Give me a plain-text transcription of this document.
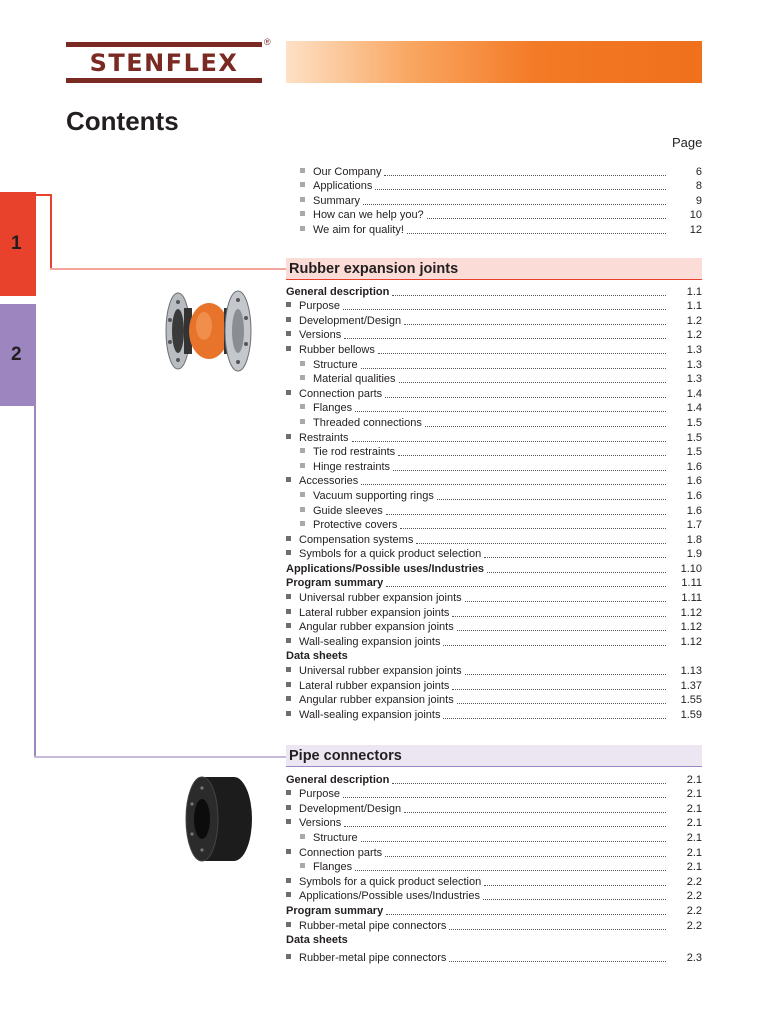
STENFLEX
®
Contents
Page
1
2
Our Company	6
Applications	8
Summary	9
How can we help you?	10
We aim for quality!	12
Rubber expansion joints
General description	1.1
Purpose	1.1
Development/Design	1.2
Versions	1.2
Rubber bellows	1.3
Structure	1.3
Material qualities	1.3
Connection parts	1.4
Flanges	1.4
Threaded connections	1.5
Restraints	1.5
Tie rod restraints	1.5
Hinge restraints	1.6
Accessories	1.6
Vacuum supporting rings	1.6
Guide sleeves	1.6
Protective covers	1.7
Compensation systems	1.8
Symbols for a quick product selection	1.9
Applications/Possible uses/Industries	1.10
Program summary	1.11
Universal rubber expansion joints	1.11
Lateral rubber expansion joints	1.12
Angular rubber expansion joints	1.12
Wall-sealing expansion joints	1.12
Data sheets
Universal rubber expansion joints	1.13
Lateral rubber expansion joints	1.37
Angular rubber expansion joints	1.55
Wall-sealing expansion joints	1.59
Pipe connectors
General description	2.1
Purpose	2.1
Development/Design	2.1
Versions	2.1
Structure	2.1
Connection parts	2.1
Flanges	2.1
Symbols for a quick product selection	2.2
Applications/Possible uses/Industries	2.2
Program summary	2.2
Rubber-metal pipe connectors	2.2
Data sheets
Rubber-metal pipe connectors	2.3
